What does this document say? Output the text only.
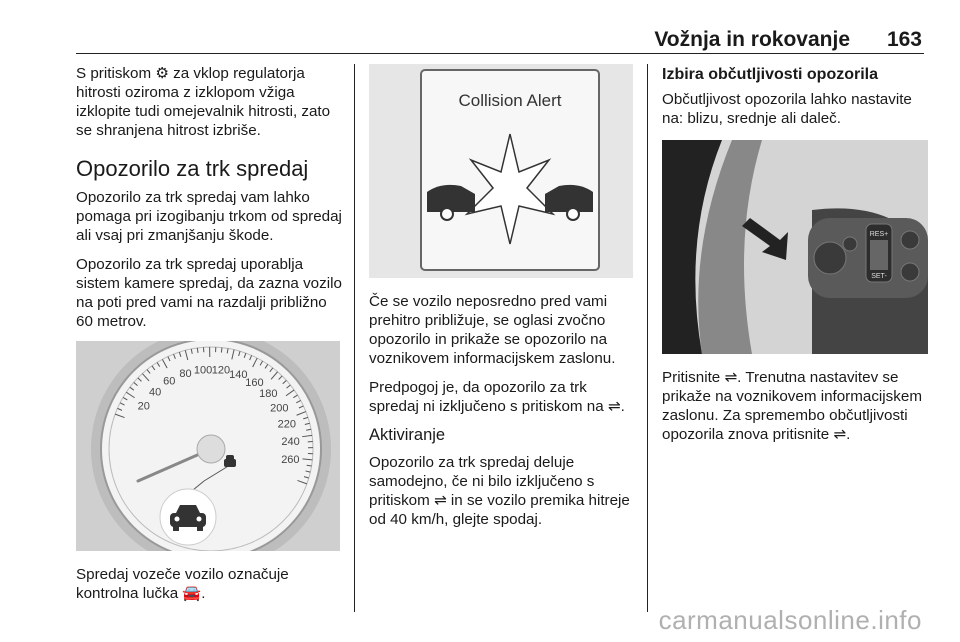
Vožnja in rokovanje 163

S pritiskom ⚙ za vklop regulatorja hitrosti oziroma z izklopom vžiga izklopite tudi omejevalnik hitrosti, zato se shranjena hitrost izbriše.

Opozorilo za trk spredaj

Opozorilo za trk spredaj vam lahko pomaga pri izogibanju trkom od spredaj ali vsaj pri zmanjšanju škode.

Opozorilo za trk spredaj uporablja sistem kamere spredaj, da zazna vozilo na poti pred vami na razdalji približno 60 metrov.

20
40
60
80 100 120 140
160
180
200
220
240
260

Spredaj vozeče vozilo označuje kontrolna lučka 🚘.

Collision Alert

Če se vozilo neposredno pred vami prehitro približuje, se oglasi zvočno opozorilo in prikaže se opozorilo na voznikovem informacijskem zaslonu.

Predpogoj je, da opozorilo za trk spredaj ni izključeno s pritiskom na ⇌.

Aktiviranje

Opozorilo za trk spredaj deluje samodejno, če ni bilo izključeno s pritiskom ⇌ in se vozilo premika hitreje od 40 km/h, glejte spodaj.

Izbira občutljivosti opozorila

Občutljivost opozorila lahko nastavite na: blizu, srednje ali daleč.

RES+
SET-

Pritisnite ⇌. Trenutna nastavitev se prikaže na voznikovem informacijskem zaslonu. Za spremembo občutljivosti opozorila znova pritisnite ⇌.

carmanualsonline.info
